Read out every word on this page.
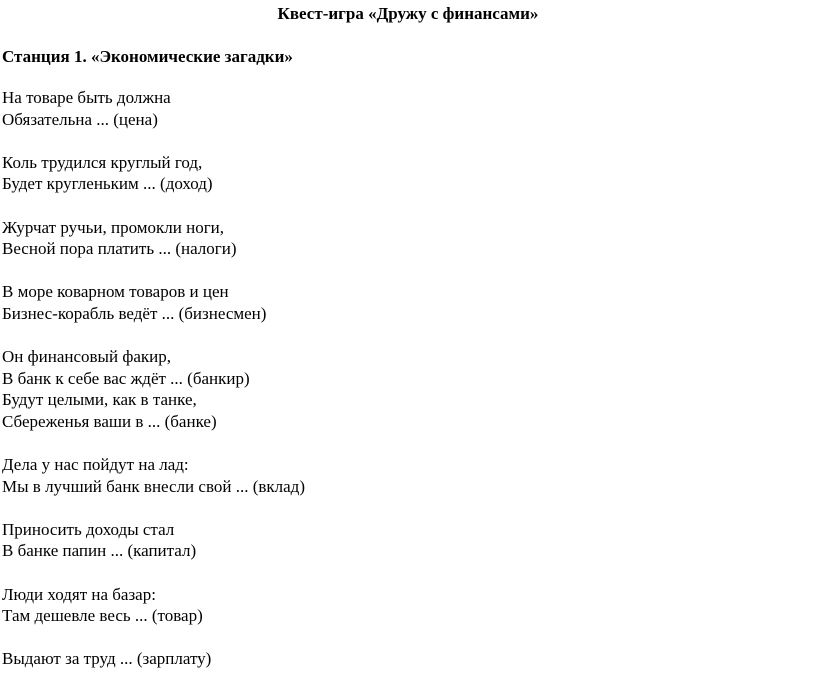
Квест-игра «Дружу с финансами»
Станция 1. «Экономические загадки»
На товаре быть должна
Обязательна ... (цена)
Коль трудился круглый год,
Будет кругленьким ... (доход)
Журчат ручьи, промокли ноги,
Весной пора платить ... (налоги)
В море коварном товаров и цен
Бизнес-корабль ведёт ... (бизнесмен)
Он финансовый факир,
В банк к себе вас ждёт ... (банкир)
Будут целыми, как в танке,
Сбереженья ваши в ... (банке)
Дела у нас пойдут на лад:
Мы в лучший банк внесли свой ... (вклад)
Приносить доходы стал
В банке папин ... (капитал)
Люди ходят на базар:
Там дешевле весь ... (товар)
Выдают за труд ... (зарплату)
